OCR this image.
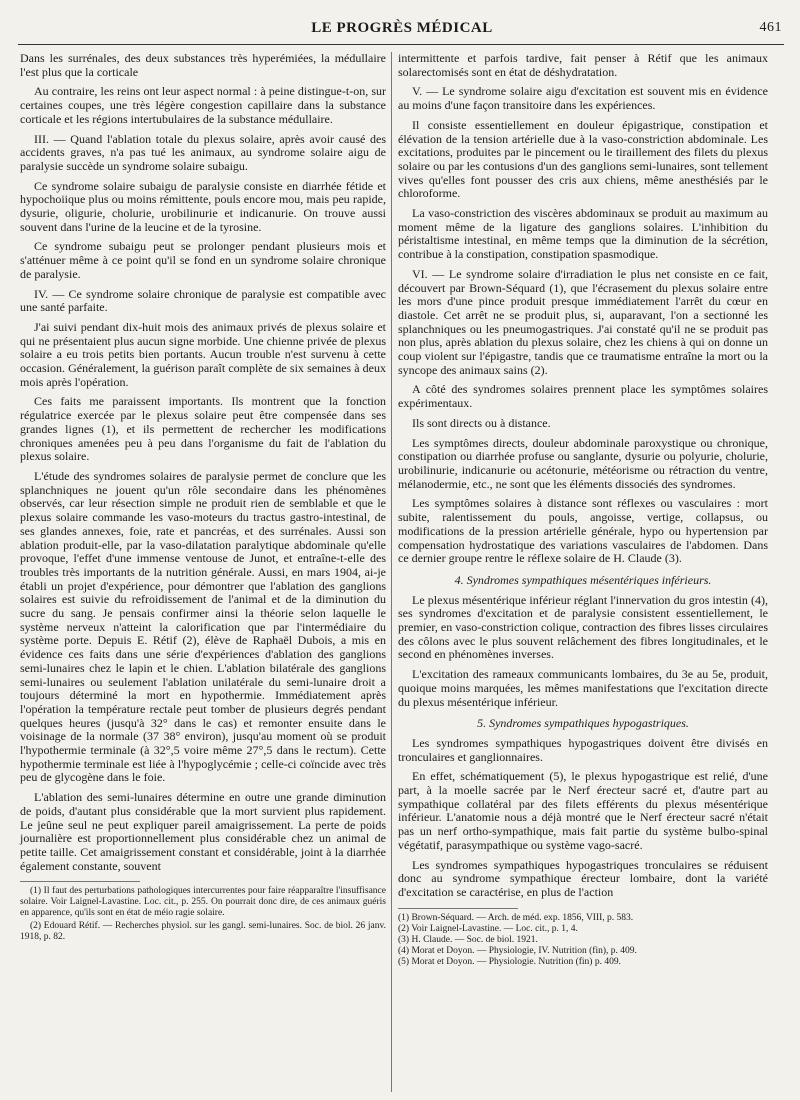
LE PROGRÈS MÉDICAL	461

Dans les surrénales, des deux substances très hyperémiées, la médullaire l'est plus que la corticale

Au contraire, les reins ont leur aspect normal : à peine distingue-t-on, sur certaines coupes, une très légère congestion capillaire dans la substance corticale et les régions intertubulaires de la substance médullaire.

III. — Quand l'ablation totale du plexus solaire, après avoir causé des accidents graves, n'a pas tué les animaux, au syndrome solaire aigu de paralysie succède un syndrome solaire subaigu.

Ce syndrome solaire subaigu de paralysie consiste en diarrhée fétide et hypochoiique plus ou moins rémittente, pouls encore mou, mais peu rapide, dysurie, oligurie, cholurie, urobilinurie et indicanurie. On trouve aussi souvent dans l'urine de la leucine et de la tyrosine.

Ce syndrome subaigu peut se prolonger pendant plusieurs mois et s'atténuer même à ce point qu'il se fond en un syndrome solaire chronique de paralysie.

IV. — Ce syndrome solaire chronique de paralysie est compatible avec une santé parfaite.

J'ai suivi pendant dix-huit mois des animaux privés de plexus solaire et qui ne présentaient plus aucun signe morbide. Une chienne privée de plexus solaire a eu trois petits bien portants. Aucun trouble n'est survenu à cette occasion. Généralement, la guérison paraît complète de six semaines à deux mois après l'opération.

Ces faits me paraissent importants. Ils montrent que la fonction régulatrice exercée par le plexus solaire peut être compensée dans ses grandes lignes (1), et ils permettent de rechercher les modifications chroniques amenées peu à peu dans l'organisme du fait de l'ablation du plexus solaire.

L'étude des syndromes solaires de paralysie permet de conclure que les splanchniques ne jouent qu'un rôle secondaire dans les phénomènes observés, car leur résection simple ne produit rien de semblable et que le plexus solaire commande les vaso-moteurs du tractus gastro-intestinal, de ses glandes annexes, foie, rate et pancréas, et des surrénales. Aussi son ablation produit-elle, par la vaso-dilatation paralytique abdominale qu'elle provoque, l'effet d'une immense ventouse de Junot, et entraîne-t-elle des troubles très importants de la nutrition générale. Aussi, en mars 1904, ai-je établi un projet d'expérience, pour démontrer que l'ablation des ganglions solaires est suivie du refroidissement de l'animal et de la diminution du sucre du sang. Je pensais confirmer ainsi la théorie selon laquelle le système nerveux n'atteint la calorification que par l'intermédiaire du système porte. Depuis E. Rétif (2), élève de Raphaël Dubois, a mis en évidence ces faits dans une série d'expériences d'ablation des ganglions semi-lunaires chez le lapin et le chien. L'ablation bilatérale des ganglions semi-lunaires ou seulement l'ablation unilatérale du semi-lunaire droit a toujours déterminé la mort en hypothermie. Immédiatement après l'opération la température rectale peut tomber de plusieurs degrés pendant quelques heures (jusqu'à 32° dans le cas) et remonter ensuite dans le voisinage de la normale (37 38° environ), jusqu'au moment où se produit l'hypothermie terminale (à 32°,5 voire même 27°,5 dans le rectum). Cette hypothermie terminale est liée à l'hypoglycémie ; celle-ci coïncide avec très peu de glycogène dans le foie.

L'ablation des semi-lunaires détermine en outre une grande diminution de poids, d'autant plus considérable que la mort survient plus rapidement. Le jeûne seul ne peut expliquer pareil amaigrissement. La perte de poids journalière est proportionnellement plus considérable chez un animal de petite taille. Cet amaigrissement constant et considérable, joint à la diarrhée également constante, souvent

(1) Il faut des perturbations pathologiques intercurrentes pour faire réapparaître l'insuffisance solaire. Voir Laignel-Lavastine. Loc. cit., p. 255. On pourrait donc dire, de ces animaux guéris en apparence, qu'ils sont en état de méio ragie solaire.

(2) Edouard Rétif. — Recherches physiol. sur les gangl. semi-lunaires. Soc. de biol. 26 janv. 1918, p. 82.

intermittente et parfois tardive, fait penser à Rétif que les animaux solarectomisés sont en état de déshydratation.

V. — Le syndrome solaire aigu d'excitation est souvent mis en évidence au moins d'une façon transitoire dans les expériences.

Il consiste essentiellement en douleur épigastrique, constipation et élévation de la tension artérielle due à la vaso-constriction abdominale. Les excitations, produites par le pincement ou le tiraillement des filets du plexus solaire ou par les contusions d'un des ganglions semi-lunaires, sont tellement vives qu'elles font pousser des cris aux chiens, même anesthésiés par le chloroforme.

La vaso-constriction des viscères abdominaux se produit au maximum au moment même de la ligature des ganglions solaires. L'inhibition du péristaltisme intestinal, en même temps que la diminution de la sécrétion, contribue à la constipation, constipation spasmodique.

VI. — Le syndrome solaire d'irradiation le plus net consiste en ce fait, découvert par Brown-Séquard (1), que l'écrasement du plexus solaire entre les mors d'une pince produit presque immédiatement l'arrêt du cœur en diastole. Cet arrêt ne se produit plus, si, auparavant, l'on a sectionné les splanchniques ou les pneumogastriques. J'ai constaté qu'il ne se produit pas non plus, après ablation du plexus solaire, chez les chiens à qui on donne un coup violent sur l'épigastre, tandis que ce traumatisme entraîne la mort ou la syncope des animaux sains (2).

A côté des syndromes solaires prennent place les symptômes solaires expérimentaux.

Ils sont directs ou à distance.

Les symptômes directs, douleur abdominale paroxystique ou chronique, constipation ou diarrhée profuse ou sanglante, dysurie ou polyurie, cholurie, urobilinurie, indicanurie ou acétonurie, météorisme ou rétraction du ventre, mélanodermie, etc., ne sont que les éléments dissociés des syndromes.

Les symptômes solaires à distance sont réflexes ou vasculaires : mort subite, ralentissement du pouls, angoisse, vertige, collapsus, ou modifications de la pression artérielle générale, hypo ou hypertension par compensation hydrostatique des variations vasculaires de l'abdomen. Dans ce dernier groupe rentre le réflexe solaire de H. Claude (3).

4. Syndromes sympathiques mésentériques inférieurs.

Le plexus mésentérique inférieur réglant l'innervation du gros intestin (4), ses syndromes d'excitation et de paralysie consistent essentiellement, le premier, en vaso-constriction colique, contraction des fibres lisses circulaires des côlons avec le plus souvent relâchement des fibres longitudinales, et le second en phénomènes inverses.

L'excitation des rameaux communicants lombaires, du 3e au 5e, produit, quoique moins marquées, les mêmes manifestations que l'excitation directe du plexus mésentérique inférieur.

5. Syndromes sympathiques hypogastriques.

Les syndromes sympathiques hypogastriques doivent être divisés en tronculaires et ganglionnaires.

En effet, schématiquement (5), le plexus hypogastrique est relié, d'une part, à la moelle sacrée par le Nerf érecteur sacré et, d'autre part au sympathique collatéral par des filets efférents du plexus mésentérique inférieur. L'anatomie nous a déjà montré que le Nerf érecteur sacré n'était pas un nerf ortho-sympathique, mais fait partie du système bulbo-spinal végétatif, parasympathique ou système vago-sacré.

Les syndromes sympathiques hypogastriques tronculaires se réduisent donc au syndrome sympathique érecteur lombaire, dont la variété d'excitation se caractérise, en plus de l'action

(1) Brown-Séquard. — Arch. de méd. exp. 1856, VIII, p. 583.

(2) Voir Laignel-Lavastine. — Loc. cit., p. 1, 4.

(3) H. Claude. — Soc. de biol. 1921.

(4) Morat et Doyon. — Physiologie, IV. Nutrition (fin), p. 409.

(5) Morat et Doyon. — Physiologie. Nutrition (fin) p. 409.
